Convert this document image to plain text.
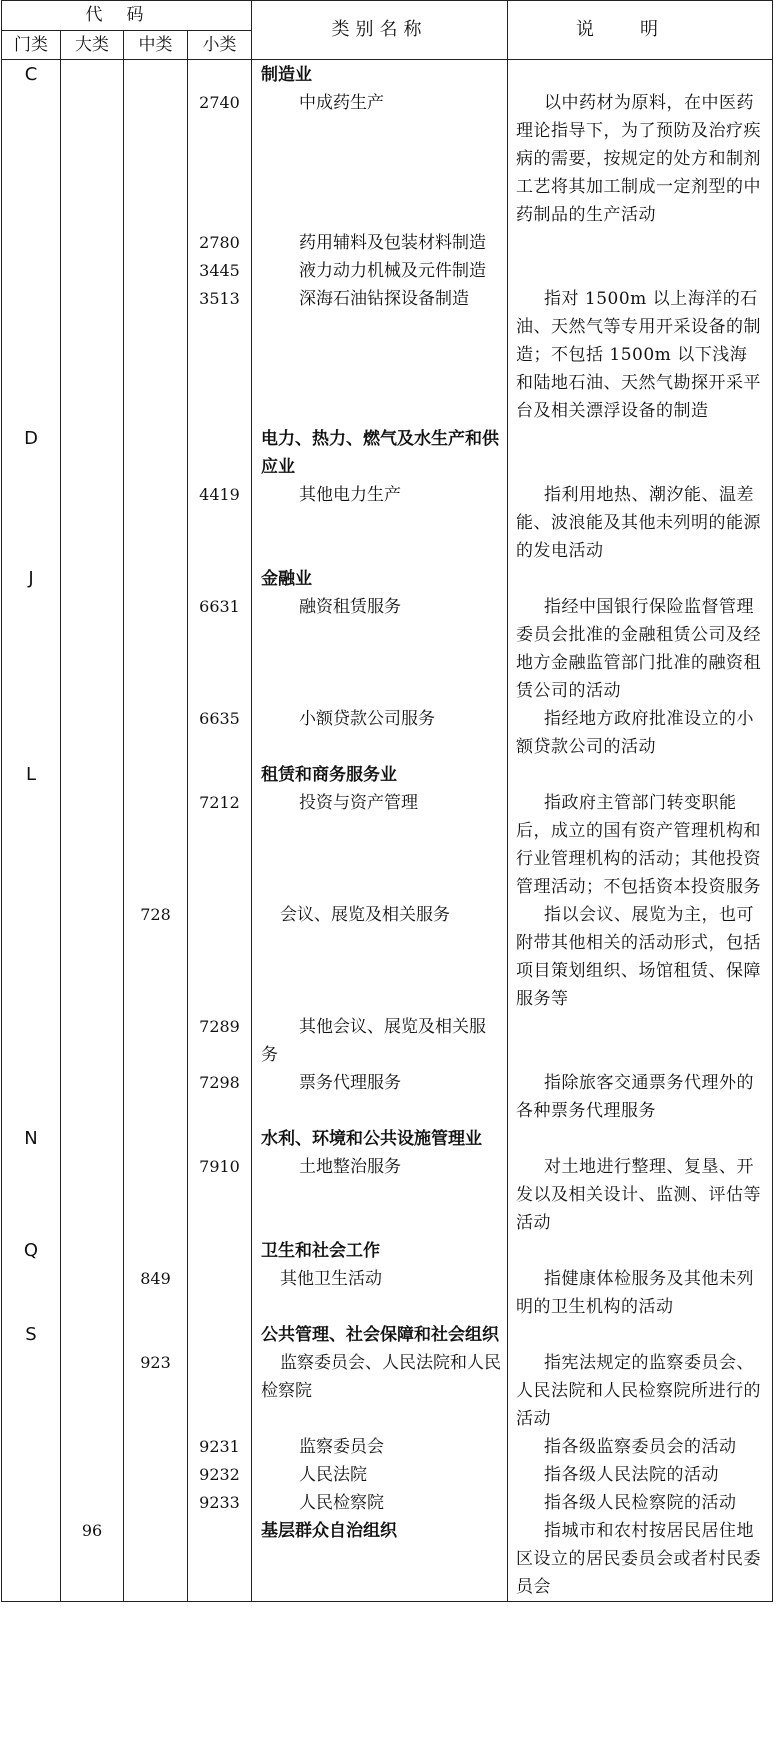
代码				类别名称	说明
门类	大类	中类	小类		
C				制造业	

			2740	中成药生产	以中药材为原料，在中医药理论指导下，为了预防及治疗疾病的需要，按规定的处方和制剂工艺将其加工制成一定剂型的中药制品的生产活动

			2780	药用辅料及包装材料制造	

			3445	液力动力机械及元件制造	

			3513	深海石油钻探设备制造	指对 1500m 以上海洋的石油、天然气等专用开采设备的制造；不包括 1500m 以下浅海和陆地石油、天然气勘探开采平台及相关漂浮设备的制造

D				电力、热力、燃气及水生产和供应业	

			4419	其他电力生产	指利用地热、潮汐能、温差能、波浪能及其他未列明的能源的发电活动

J				金融业	

			6631	融资租赁服务	指经中国银行保险监督管理委员会批准的金融租赁公司及经地方金融监管部门批准的融资租赁公司的活动

			6635	小额贷款公司服务	指经地方政府批准设立的小额贷款公司的活动

L				租赁和商务服务业	

			7212	投资与资产管理	指政府主管部门转变职能后，成立的国有资产管理机构和行业管理机构的活动；其他投资管理活动；不包括资本投资服务

		728		会议、展览及相关服务	指以会议、展览为主，也可附带其他相关的活动形式，包括项目策划组织、场馆租赁、保障服务等

			7289	其他会议、展览及相关服务	

			7298	票务代理服务	指除旅客交通票务代理外的各种票务代理服务

N				水利、环境和公共设施管理业	

			7910	土地整治服务	对土地进行整理、复垦、开发以及相关设计、监测、评估等活动

Q				卫生和社会工作	

		849		其他卫生活动	指健康体检服务及其他未列明的卫生机构的活动

S				公共管理、社会保障和社会组织	

		923		监察委员会、人民法院和人民检察院	指宪法规定的监察委员会、人民法院和人民检察院所进行的活动

			9231	监察委员会	指各级监察委员会的活动

			9232	人民法院	指各级人民法院的活动

			9233	人民检察院	指各级人民检察院的活动

	96			基层群众自治组织	指城市和农村按居民居住地区设立的居民委员会或者村民委员会
